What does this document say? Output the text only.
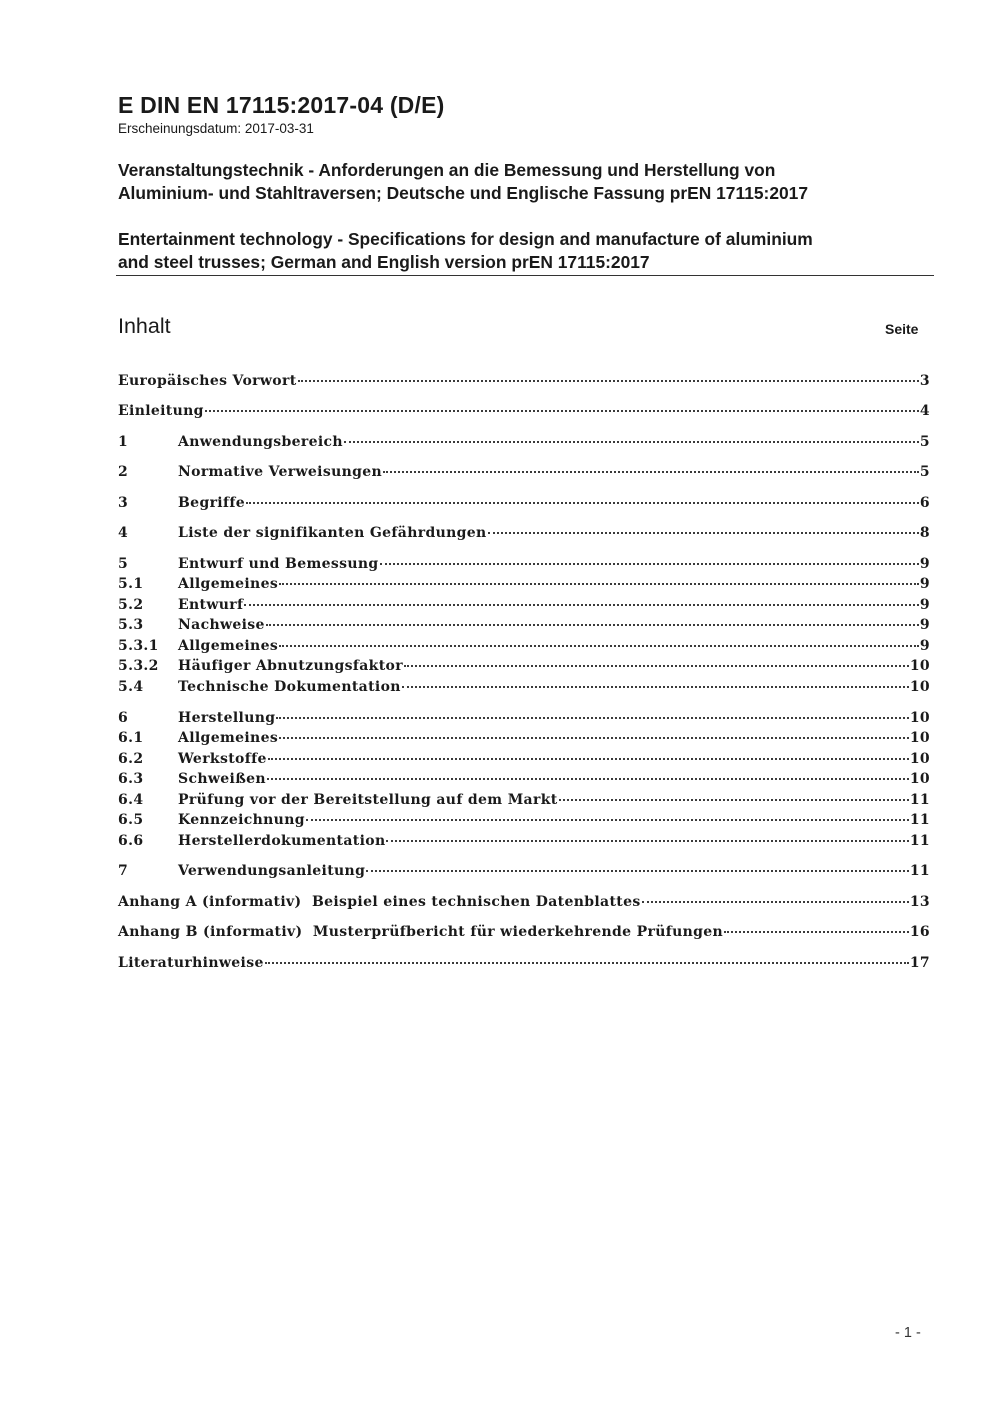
E DIN EN 17115:2017-04 (D/E)
Erscheinungsdatum: 2017-03-31
Veranstaltungstechnik - Anforderungen an die Bemessung und Herstellung von
Aluminium- und Stahltraversen; Deutsche und Englische Fassung prEN 17115:2017
Entertainment technology - Specifications for design and manufacture of aluminium
and steel trusses; German and English version prEN 17115:2017
Inhalt	Seite
Europäisches Vorwort	3
Einleitung	4
1	Anwendungsbereich	5
2	Normative Verweisungen	5
3	Begriffe	6
4	Liste der signifikanten Gefährdungen	8
5	Entwurf und Bemessung	9
5.1	Allgemeines	9
5.2	Entwurf	9
5.3	Nachweise	9
5.3.1	Allgemeines	9
5.3.2	Häufiger Abnutzungsfaktor	10
5.4	Technische Dokumentation	10
6	Herstellung	10
6.1	Allgemeines	10
6.2	Werkstoffe	10
6.3	Schweißen	10
6.4	Prüfung vor der Bereitstellung auf dem Markt	11
6.5	Kennzeichnung	11
6.6	Herstellerdokumentation	11
7	Verwendungsanleitung	11
Anhang A (informativ)  Beispiel eines technischen Datenblattes	13
Anhang B (informativ)  Musterprüfbericht für wiederkehrende Prüfungen	16
Literaturhinweise	17
- 1 -
